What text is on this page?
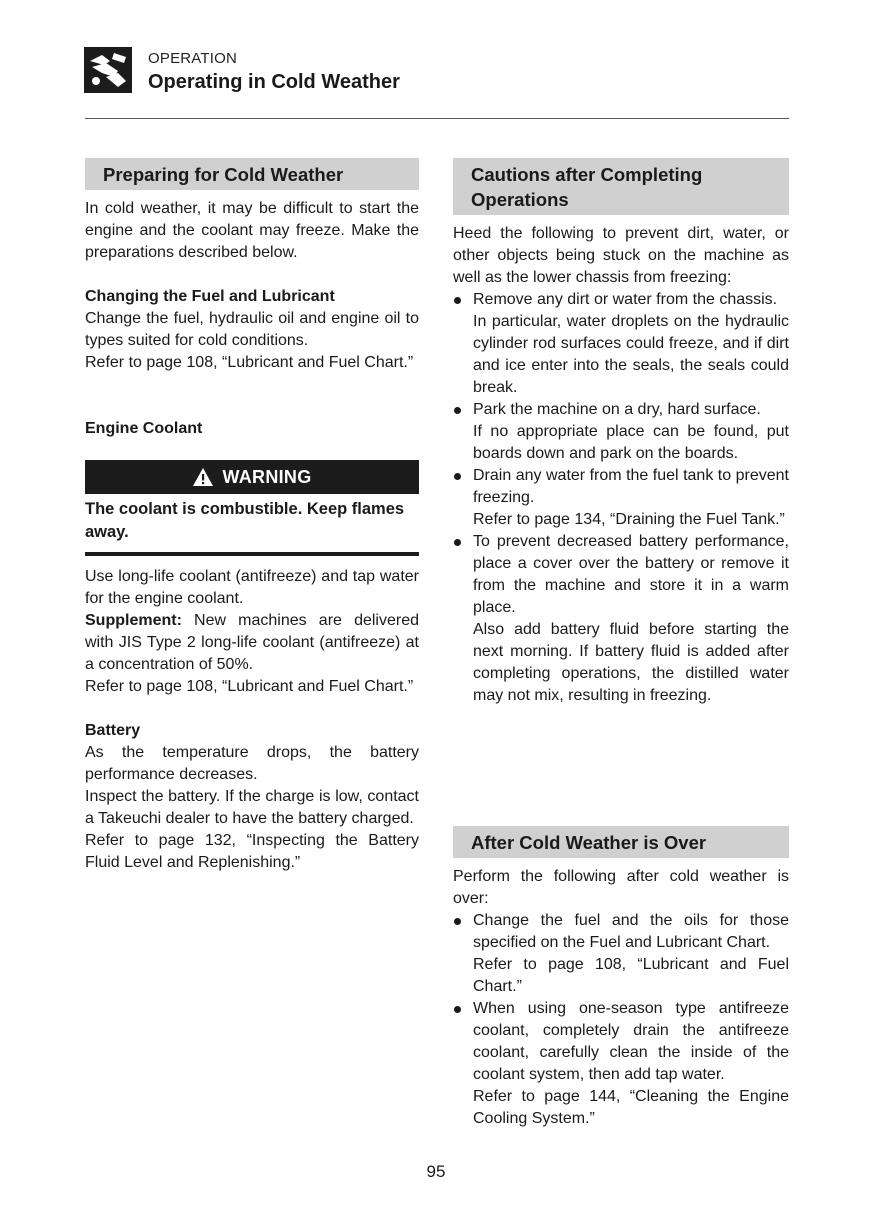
OPERATION
Operating in Cold Weather
Preparing for Cold Weather

In cold weather, it may be difficult to start the engine and the coolant may freeze. Make the preparations described below.

Changing the Fuel and Lubricant

Change the fuel, hydraulic oil and engine oil to types suited for cold conditions.

Refer to page 108, “Lubricant and Fuel Chart.”

Engine Coolant

WARNING

The coolant is combustible. Keep flames away.

Use long-life coolant (antifreeze) and tap water for the engine coolant.

Supplement: New machines are delivered with JIS Type 2 long-life coolant (antifreeze) at a concentration of 50%.

Refer to page 108, “Lubricant and Fuel Chart.”

Battery

As the temperature drops, the battery performance decreases.

Inspect the battery. If the charge is low, contact a Takeuchi dealer to have the battery charged.

Refer to page 132, “Inspecting the Battery Fluid Level and Replenishing.”

Cautions after Completing Operations

Heed the following to prevent dirt, water, or other objects being stuck on the machine as well as the lower chassis from freezing:

Remove any dirt or water from the chassis.
In particular, water droplets on the hydraulic cylinder rod surfaces could freeze, and if dirt and ice enter into the seals, the seals could break.
Park the machine on a dry, hard surface.
If no appropriate place can be found, put boards down and park on the boards.
Drain any water from the fuel tank to prevent freezing.
Refer to page 134, “Draining the Fuel Tank.”
To prevent decreased battery performance, place a cover over the battery or remove it from the machine and store it in a warm place.
Also add battery fluid before starting the next morning. If battery fluid is added after completing operations, the distilled water may not mix, resulting in freezing.
After Cold Weather is Over

Perform the following after cold weather is over:

Change the fuel and the oils for those specified on the Fuel and Lubricant Chart.
Refer to page 108, “Lubricant and Fuel Chart.”
When using one-season type antifreeze coolant, completely drain the antifreeze coolant, carefully clean the inside of the coolant system, then add tap water.
Refer to page 144, “Cleaning the Engine Cooling System.”
95
